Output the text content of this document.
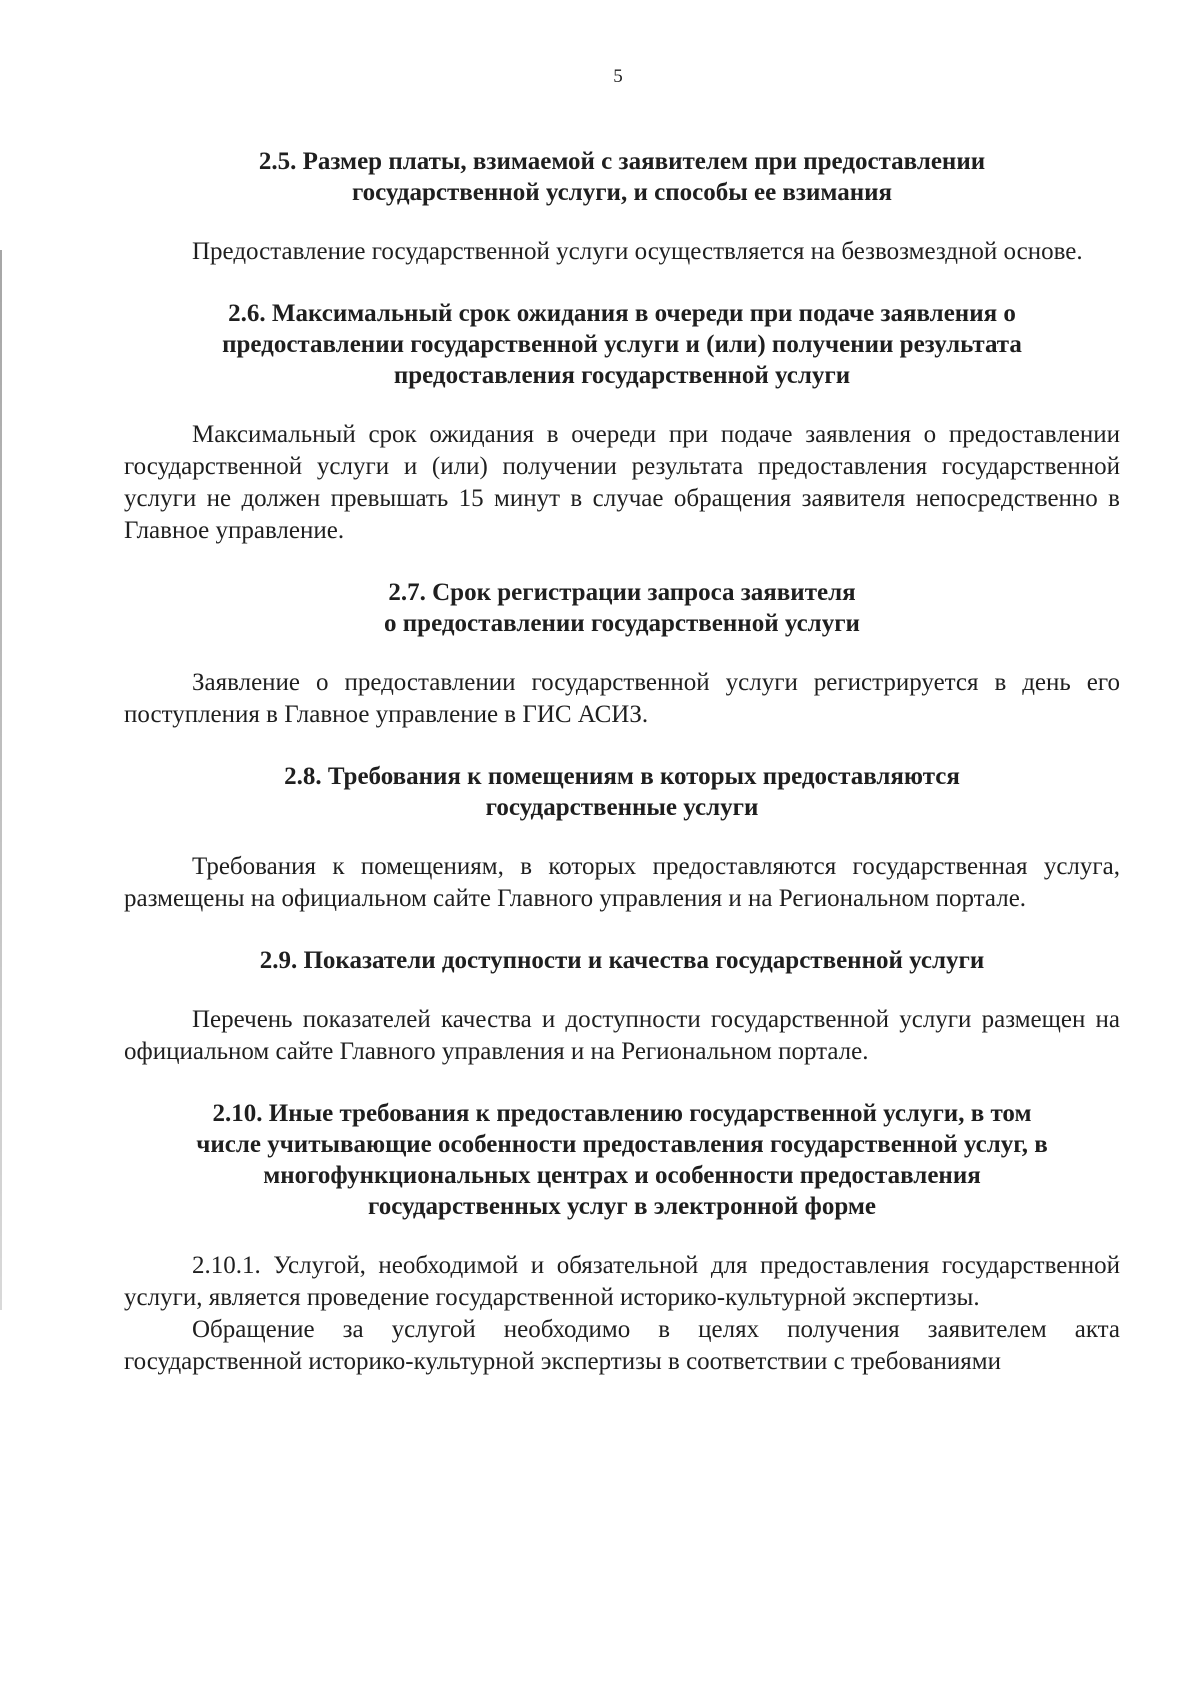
5
2.5. Размер платы, взимаемой с заявителем при предоставлении
государственной услуги, и способы ее взимания

Предоставление государственной услуги осуществляется на безвозмездной основе.

2.6. Максимальный срок ожидания в очереди при подаче заявления о
предоставлении государственной услуги и (или) получении результата
предоставления государственной услуги

Максимальный срок ожидания в очереди при подаче заявления о предоставлении государственной услуги и (или) получении результата предоставления государственной услуги не должен превышать 15 минут в случае обращения заявителя непосредственно в Главное управление.

2.7. Срок регистрации запроса заявителя
о предоставлении государственной услуги

Заявление о предоставлении государственной услуги регистрируется в день его поступления в Главное управление в ГИС АСИЗ.

2.8. Требования к помещениям в которых предоставляются
государственные услуги

Требования к помещениям, в которых предоставляются государственная услуга, размещены на официальном сайте Главного управления и на Региональном портале.

2.9. Показатели доступности и качества государственной услуги

Перечень показателей качества и доступности государственной услуги размещен на официальном сайте Главного управления и на Региональном портале.

2.10. Иные требования к предоставлению государственной услуги, в том
числе учитывающие особенности предоставления государственной услуг, в
многофункциональных центрах и особенности предоставления
государственных услуг в электронной форме

2.10.1. Услугой, необходимой и обязательной для предоставления государственной услуги, является проведение государственной историко-культурной экспертизы.

Обращение за услугой необходимо в целях получения заявителем акта государственной историко-культурной экспертизы в соответствии с требованиями
